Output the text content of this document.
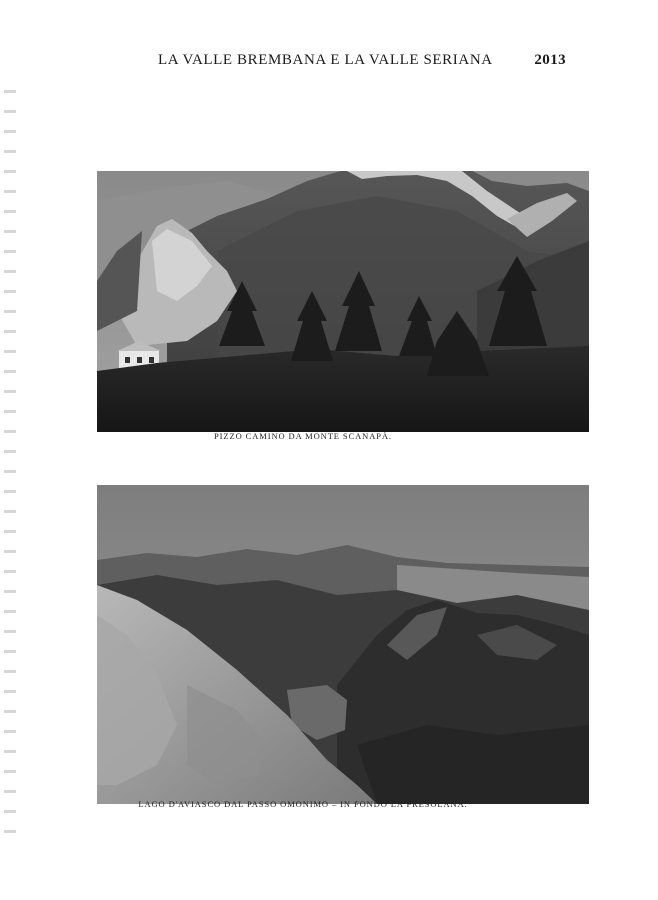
LA VALLE BREMBANA E LA VALLE SERIANA	2013
PIZZO CAMINO DA MONTE SCANAPÀ.
LAGO D'AVIASCO DAL PASSO OMONIMO – IN FONDO LA PRESOLANA.
